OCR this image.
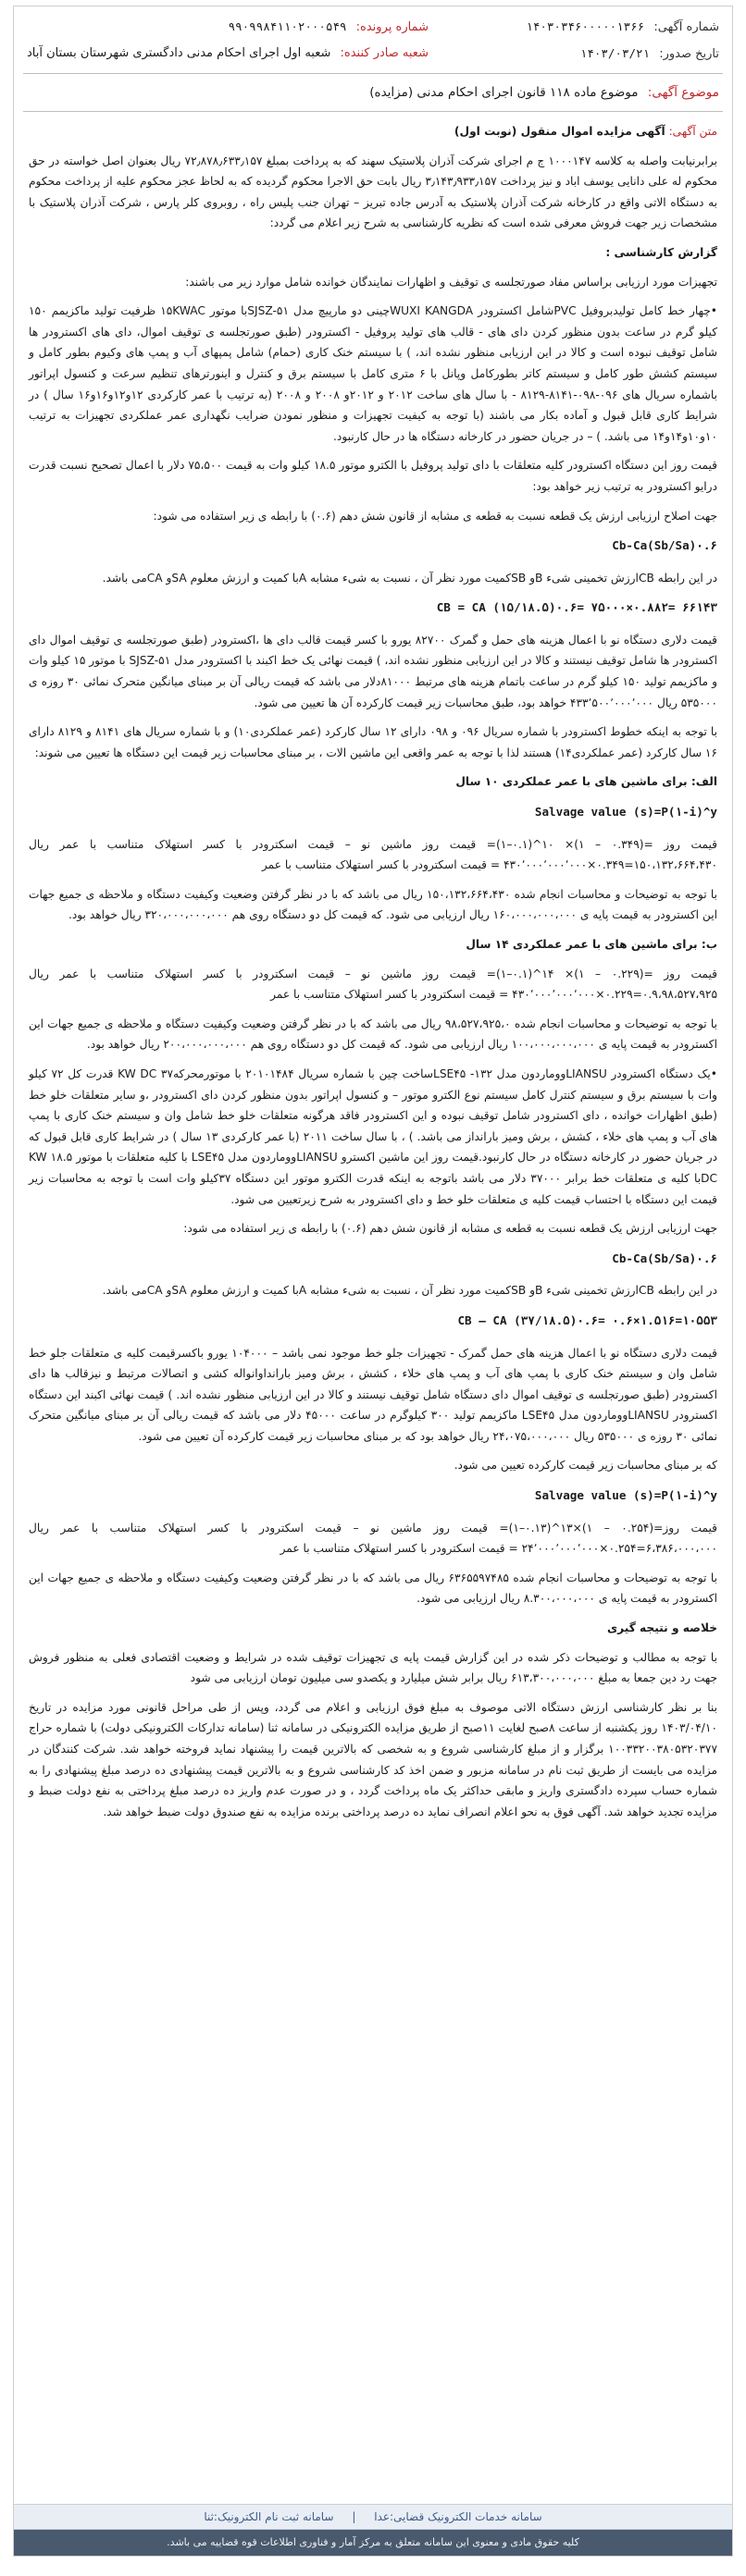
شماره آگهی: ۱۴۰۳۰۳۴۶۰۰۰۰۰۱۳۶۶
تاریخ صدور: ۱۴۰۳/۰۳/۲۱
شماره پرونده: ۹۹۰۹۹۸۴۱۱۰۲۰۰۰۵۴۹
شعبه صادر کننده: شعبه اول اجرای احکام مدنی دادگستری شهرستان بستان آباد
موضوع آگهی: موضوع ماده ۱۱۸ قانون اجرای احکام مدنی (مزایده)

متن آگهی: آگهی مزایده اموال منقول (نوبت اول)

برابرنیابت واصله به کلاسه ۱۰۰۰۱۴۷ ج م اجرای شرکت آذران پلاستیک سهند که به پرداخت بمبلغ ۷۲٫۸۷۸٫۶۳۳٫۱۵۷ ریال بعنوان اصل خواسته در حق محکوم له علی دانایی یوسف اباد و نیز پرداخت ۳٫۱۴۳٫۹۳۳٫۱۵۷ ریال بابت حق الاجرا محکوم گردیده که به لحاظ عجز محکوم علیه از پرداخت محکوم به دستگاه الاتی واقع در کارخانه شرکت آذران پلاستیک به آدرس جاده تبریز – تهران جنب پلیس راه ، روبروی کلر پارس ، شرکت آذران پلاستیک با مشخصات زیر جهت فروش معرفی شده است که نظریه کارشناسی به شرح زیر اعلام می گردد:

گزارش کارشناسی :

تجهیزات مورد ارزیابی براساس مفاد صورتجلسه ی توقیف و اظهارات نمایندگان خوانده شامل موارد زیر می باشند:

•چهار خط کامل تولیدبروفیل PVCشامل اکسترودر WUXI KANGDAچینی دو مارپیچ مدل SJSZ-۵۱با موتور ۱۵KWAC ظرفیت تولید ماکزیمم ۱۵۰ کیلو گرم در ساعت بدون منظور کردن دای های - قالب های تولید پروفیل - اکسترودر (طبق صورتجلسه ی توقیف اموال، دای های اکسترودر ها شامل توقیف نبوده است و کالا در این ارزیابی منظور نشده اند، ) با سیستم خنک کاری (حمام) شامل پمپهای آب و پمپ های وکیوم بطور کامل و سیستم کشش طور کامل و سیستم کاتر بطورکامل وپانل با ۶ متری کامل با سیستم برق و کنترل و اینورترهای تنظیم سرعت و کنسول اپراتور باشماره سریال های ۰۹۶-۰۹۸-۸۱۴۱-۸۱۲۹ - با سال های ساخت ۲۰۱۲ و ۲۰۱۲و ۲۰۰۸ و ۲۰۰۸ (به ترتیب با عمر کارکردی ۱۲و۱۲و۱۶و۱۶ سال ) در شرایط کاری قابل قبول و آماده بکار می باشند (با توجه به کیفیت تجهیزات و منظور نمودن ضرایب نگهداری عمر عملکردی تجهیزات به ترتیب ۱۰و۱۰و۱۴و۱۴ می باشد. ) – در جریان حضور در کارخانه دستگاه ها در حال کارنبود.

قیمت روز این دستگاه اکسترودر کلیه متعلقات با دای تولید پروفیل با الکترو موتور ۱۸.۵ کیلو وات به قیمت ۷۵،۵۰۰ دلار با اعمال تصحیح نسبت قدرت درایو اکسترودر به ترتیب زیر خواهد بود:

جهت اصلاح ارزیابی ارزش یک قطعه نسبت به قطعه ی مشابه از قانون شش دهم (۰.۶) با رابطه ی زیر استفاده می شود:

Cb-Ca(Sb/Sa)۰.۶

در این رابطه CBارزش تخمینی شیء Bو SBکمیت مورد نظر آن ، نسبت به شیء مشابه Aبا کمیت و ارزش معلوم SAو CAمی باشد.

CB = CA (۱۵/۱۸.۵)۰.۶= ۷۵۰۰۰×۰.۸۸۲= ۶۶۱۴۳

قیمت دلاری دستگاه نو با اعمال هزینه های حمل و گمرک ۸۲۷۰۰ یورو با کسر قیمت قالب دای ها ،اکسترودر (طبق صورتجلسه ی توقیف اموال دای اکسترودر ها شامل توقیف نیستند و کالا در این ارزیابی منظور نشده اند، ) قیمت نهائی یک خط اکبند با اکسترودر مدل SJSZ-۵۱ با موتور ۱۵ کیلو وات و ماکزیمم تولید ۱۵۰ کیلو گرم در ساعت باتمام هزینه های مرتبط ۸۱۰۰۰دلار می باشد که قیمت ریالی آن بر مبنای میانگین متحرک نمائی ۳۰ روزه ی ۵۳۵۰۰۰ ریال ۴۳۳٬۵۰۰٬۰۰۰٬۰۰۰ خواهد بود، طبق محاسبات زیر قیمت کارکرده آن ها تعیین می شود.

با توجه به اینکه خطوط اکسترودر با شماره سریال ۰۹۶ و ۰۹۸ دارای ۱۲ سال کارکرد (عمر عملکردی۱۰) و با شماره سریال های ۸۱۴۱ و ۸۱۲۹ دارای ۱۶ سال کارکرد (عمر عملکردی۱۴) هستند لذا با توجه به عمر واقعی این ماشین الات ، بر مبنای محاسبات زیر قیمت این دستگاه ها تعیین می شوند:

الف: برای ماشین های با عمر عملکردی ۱۰ سال

Salvage value (s)=P(۱-i)^y

قیمت روز =(۰.۳۴۹ – ۱)× ۱۰^(۰.۱–۱)= قیمت روز ماشین نو – قیمت اسکترودر با کسر استهلاک متناسب با عمر ریال ۱۵۰،۱۳۲،۶۶۴،۴۳۰=۰.۳۴۹×۴۳۰٬۰۰۰٬۰۰۰٬۰۰۰ = قیمت اسکترودر با کسر استهلاک متناسب با عمر

با توجه به توضیحات و محاسبات انجام شده ۱۵۰،۱۳۲،۶۶۴،۴۳۰ ریال می باشد که با در نظر گرفتن وضعیت وکیفیت دستگاه و ملاحظه ی جمیع جهات این اکسترودر به قیمت پایه ی ۱۶۰،۰۰۰،۰۰۰،۰۰۰ ریال ارزیابی می شود. که قیمت کل دو دستگاه روی هم ۳۲۰،۰۰۰،۰۰۰،۰۰۰ ریال خواهد بود.

ب: برای ماشین های با عمر عملکردی ۱۴ سال

قیمت روز =(۰.۲۲۹ – ۱)× ۱۴^(۰.۱–۱)= قیمت روز ماشین نو – قیمت اسکترودر با کسر استهلاک متناسب با عمر ریال ۰.۹،۹۸،۵۲۷،۹۲۵=۰.۲۲۹×۴۳۰٬۰۰۰٬۰۰۰٬۰۰۰ = قیمت اسکترودر با کسر استهلاک متناسب با عمر

با توجه به توضیحات و محاسبات انجام شده ۹۸،۵۲۷،۹۲۵،۰ ریال می باشد که با در نظر گرفتن وضعیت وکیفیت دستگاه و ملاحظه ی جمیع جهات این اکسترودر به قیمت پایه ی ۱۰۰،۰۰۰،۰۰۰،۰۰۰ ریال ارزیابی می شود. که قیمت کل دو دستگاه روی هم ۲۰۰،۰۰۰،۰۰۰،۰۰۰ ریال خواهد بود.

•یک دستگاه اکسترودر LIANSUووماردون مدل LSE۴۵ -۱۳۲ساخت چین با شماره سریال ۲۰۱۰۱۴۸۴ با موتورمحرکه۳۷ KW DC قدرت کل ۷۲ کیلو وات با سیستم برق و سیستم کنترل کامل سیستم نوع الکترو موتور – و کنسول اپراتور بدون منظور کردن دای اکسترودر ،و سایر متعلقات خلو خط (طبق اظهارات خوانده ، دای اکسترودر شامل توقیف نبوده و این اکسترودر فاقد هرگونه متعلقات خلو خط شامل وان و سیستم خنک کاری با پمپ های آب و پمپ های خلاء ، کشش ، برش ومیز بارانداز می باشد. ) ، با سال ساخت ۲۰۱۱ (با عمر کارکردی ۱۳ سال ) در شرایط کاری قابل قبول که در جریان حضور در کارخانه دستگاه در حال کارنبود.قیمت روز این ماشین اکسترو LIANSUووماردون مدل LSE۴۵ با کلیه متعلقات با موتور KW ۱۸.۵ DCبا کلیه ی متعلقات خط برابر ۳۷۰۰۰ دلار می باشد باتوجه به اینکه قدرت الکترو موتور این دستگاه ۳۷کیلو وات است با توجه به محاسبات زیر قیمت این دستگاه با احتساب قیمت کلیه ی متعلقات خلو خط و دای اکسترودر به شرح زیرتعیین می شود.

جهت ارزیابی ارزش یک قطعه نسبت به قطعه ی مشابه از قانون شش دهم (۰.۶) با رابطه ی زیر استفاده می شود:

Cb-Ca(Sb/Sa)۰.۶

در این رابطه CBارزش تخمینی شیء Bو SBکمیت مورد نظر آن ، نسبت به شیء مشابه Aبا کمیت و ارزش معلوم SAو CAمی باشد.

CB – CA (۳۷/۱۸.۵)۰.۶= ۰.۶×۱.۵۱۶=۱۰۵۵۳

قیمت دلاری دستگاه نو با اعمال هزینه های حمل گمرک - تجهیزات جلو خط موجود نمی باشد – ۱۰۴۰۰۰ یورو باکسرقیمت کلیه ی متعلقات جلو خط شامل وان و سیستم خنک کاری با پمپ های آب و پمپ های خلاء ، کشش ، برش ومیز بارانداوانواله کشی و اتصالات مرتبط و نیزقالب ها دای اکسترودر (طبق صورتجلسه ی توقیف اموال دای دستگاه شامل توقیف نیستند و کالا در این ارزیابی منظور نشده اند. ) قیمت نهائی اکبند این دستگاه اکسترودر LIANSUووماردون مدل LSE۴۵ ماکزیمم تولید ۳۰۰ کیلوگرم در ساعت ۴۵۰۰۰ دلار می باشد که قیمت ریالی آن بر مبنای میانگین متحرک نمائی ۳۰ روزه ی ۵۳۵۰۰۰ ریال ۲۴،۰۷۵،۰۰۰،۰۰۰ ریال خواهد بود که بر مبنای محاسبات زیر قیمت کارکرده آن تعیین می شود.

که بر مبنای محاسبات زیر قیمت کارکرده تعیین می شود.

Salvage value (s)=P(۱-i)^y

قیمت روز=(۰.۲۵۴ – ۱)×۱۳^(۰.۱۳–۱)= قیمت روز ماشین نو – قیمت اسکترودر با کسر استهلاک متناسب با عمر ریال ۶،۳۸۶،۰۰۰،۰۰۰=۰.۲۵۴×۲۴٬۰۰۰٬۰۰۰٬۰۰۰ = قیمت اسکترودر با کسر استهلاک متناسب با عمر

با توجه به توضیحات و محاسبات انجام شده ۶۳۶۵۵۹۷۴۸۵ ریال می باشد که با در نظر گرفتن وضعیت وکیفیت دستگاه و ملاحظه ی جمیع جهات این اکسترودر به قیمت پایه ی ۸.۳۰۰،۰۰۰،۰۰۰ ریال ارزیابی می شود.

خلاصه و نتیجه گیری

با توجه به مطالب و توضیحات ذکر شده در این گزارش قیمت پایه ی تجهیزات توقیف شده در شرایط و وضعیت اقتصادی فعلی به منظور فروش جهت رد دین جمعا به مبلغ ۶۱۳،۳۰۰،۰۰۰،۰۰۰ ریال برابر شش میلیارد و یکصدو سی میلیون تومان ارزیابی می شود

بنا بر نظر کارشناسی ارزش دستگاه الاتی موصوف به مبلغ فوق ارزیابی و اعلام می گردد، وپس از طی مراحل قانونی مورد مزایده در تاریخ ۱۴۰۳/۰۴/۱۰ روز یکشنبه از ساعت ۸صبح لغایت ۱۱صبح از طریق مزایده الکترونیکی در سامانه ثنا (سامانه تدارکات الکترونیکی دولت) با شماره حراج ۱۰۰۳۳۲۰۰۳۸۰۵۳۲۰۳۷۷ برگزار و از مبلغ کارشناسی شروع و به شخصی که بالاترین قیمت را پیشنهاد نماید فروخته خواهد شد. شرکت کنندگان در مزایده می بایست از طریق ثبت نام در سامانه مزبور و ضمن اخذ کد کارشناسی شروع و به بالاترین قیمت پیشنهادی ده درصد مبلغ پیشنهادی را به شماره حساب سپرده دادگستری واریز و مابقی حداکثر یک ماه پرداخت گردد ، و در صورت عدم واریز ده درصد مبلغ پرداختی به نفع دولت ضبط و مزایده تجدید خواهد شد. آگهی فوق به نحو اعلام انصراف نماید ده درصد پرداختی برنده مزایده به نفع صندوق دولت ضبط خواهد شد.

سامانه خدمات الکترونیک قضایی:عدا | سامانه ثبت نام الکترونیک:ثنا
کلیه حقوق مادی و معنوی این سامانه متعلق به مرکز آمار و فناوری اطلاعات قوه قضاییه می باشد.
